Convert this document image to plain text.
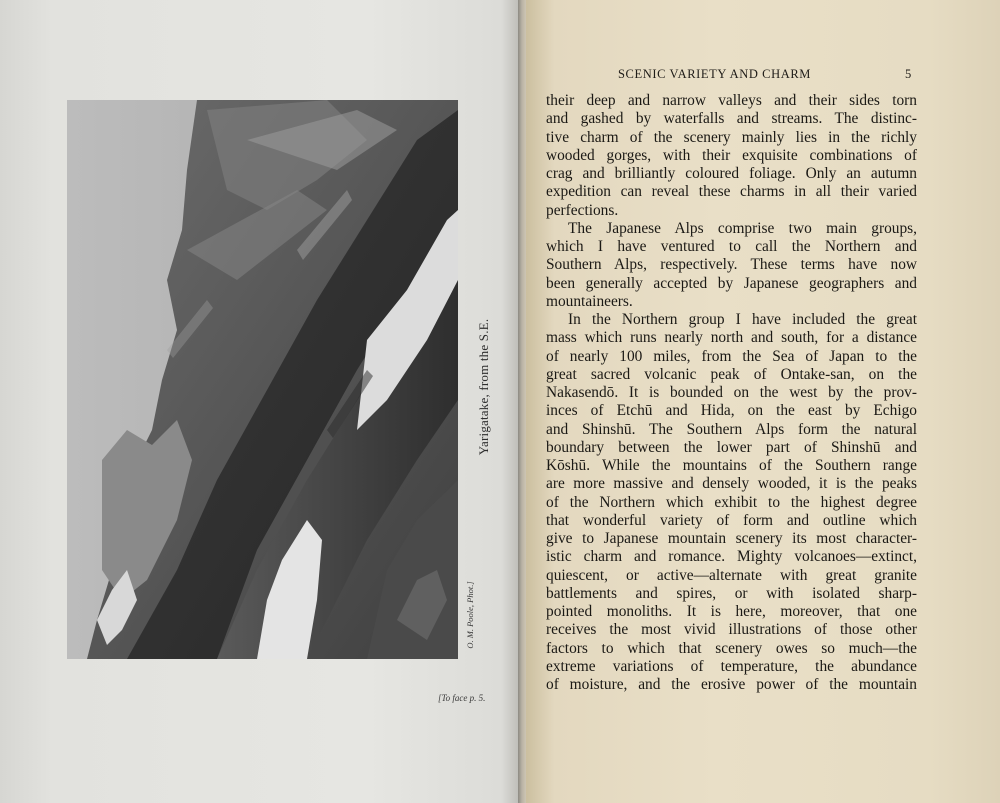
Yarigatake, from the S.E.
O. M. Poole, Phot.]
[To face p. 5.
SCENIC VARIETY AND CHARM	5
their deep and narrow valleys and their sides torn
and gashed by waterfalls and streams. The distinc-
tive charm of the scenery mainly lies in the richly
wooded gorges, with their exquisite combinations of
crag and brilliantly coloured foliage. Only an autumn
expedition can reveal these charms in all their varied
perfections.
The Japanese Alps comprise two main groups,
which I have ventured to call the Northern and
Southern Alps, respectively. These terms have now
been generally accepted by Japanese geographers and
mountaineers.
In the Northern group I have included the great
mass which runs nearly north and south, for a distance
of nearly 100 miles, from the Sea of Japan to the
great sacred volcanic peak of Ontake-san, on the
Nakasendō. It is bounded on the west by the prov-
inces of Etchū and Hida, on the east by Echigo
and Shinshū. The Southern Alps form the natural
boundary between the lower part of Shinshū and
Kōshū. While the mountains of the Southern range
are more massive and densely wooded, it is the peaks
of the Northern which exhibit to the highest degree
that wonderful variety of form and outline which
give to Japanese mountain scenery its most character-
istic charm and romance. Mighty volcanoes—extinct,
quiescent, or active—alternate with great granite
battlements and spires, or with isolated sharp-
pointed monoliths. It is here, moreover, that one
receives the most vivid illustrations of those other
factors to which that scenery owes so much—the
extreme variations of temperature, the abundance
of moisture, and the erosive power of the mountain
